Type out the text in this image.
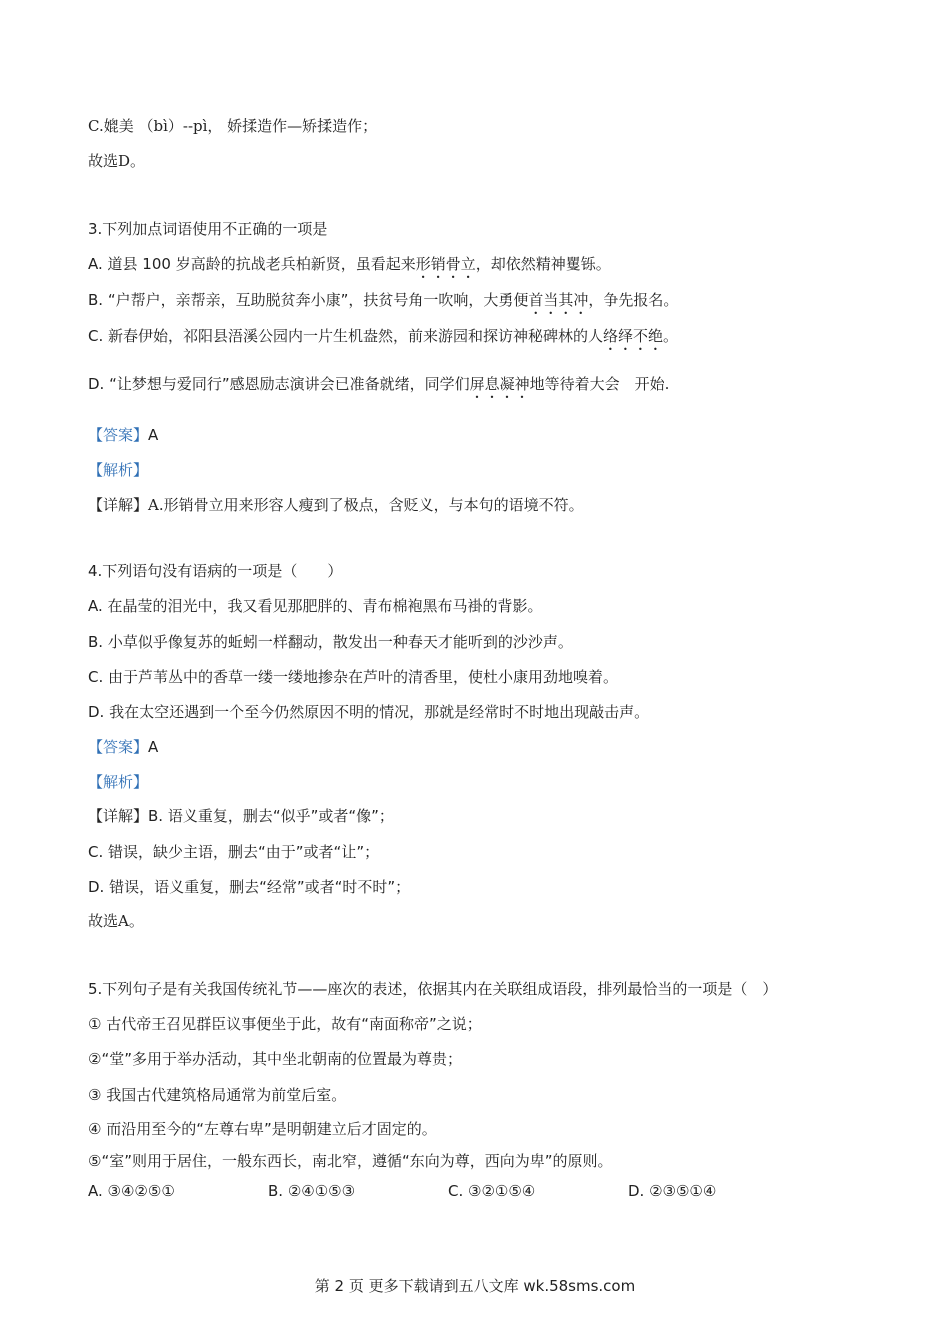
C.媲美 （bì）--pì， 娇揉造作—矫揉造作；
故选D。
3.下列加点词语使用不正确的一项是
A. 道县 100 岁高龄的抗战老兵柏新贤，虽看起来形销骨立，却依然精神矍铄。
B. “户帮户，亲帮亲，互助脱贫奔小康”，扶贫号角一吹响，大勇便首当其冲，争先报名。
C. 新春伊始，祁阳县浯溪公园内一片生机盎然，前来游园和探访神秘碑林的人络绎不绝。
D. “让梦想与爱同行”感恩励志演讲会已准备就绪，同学们屏息凝神地等待着大会　开始.
【答案】A
【解析】
【详解】A.形销骨立用来形容人瘦到了极点，含贬义，与本句的语境不符。
4.下列语句没有语病的一项是（　　）
A. 在晶莹的泪光中，我又看见那肥胖的、青布棉袍黑布马褂的背影。
B. 小草似乎像复苏的蚯蚓一样翻动，散发出一种春天才能听到的沙沙声。
C. 由于芦苇丛中的香草一缕一缕地掺杂在芦叶的清香里，使杜小康用劲地嗅着。
D. 我在太空还遇到一个至今仍然原因不明的情况，那就是经常时不时地出现敲击声。
【答案】A
【解析】
【详解】B. 语义重复，删去“似乎”或者“像”；
C. 错误，缺少主语，删去“由于”或者“让”；
D. 错误，语义重复，删去“经常”或者“时不时”；
故选A。
5.下列句子是有关我国传统礼节——座次的表述，依据其内在关联组成语段，排列最恰当的一项是（　）
① 古代帝王召见群臣议事便坐于此，故有“南面称帝”之说；
②“堂”多用于举办活动，其中坐北朝南的位置最为尊贵；
③ 我国古代建筑格局通常为前堂后室。
④ 而沿用至今的“左尊右卑”是明朝建立后才固定的。
⑤“室”则用于居住，一般东西长，南北窄，遵循“东向为尊，西向为卑”的原则。
A. ③④②⑤①	B. ②④①⑤③	C. ③②①⑤④	D. ②③⑤①④
第 2 页 更多下载请到五八文库 wk.58sms.com
